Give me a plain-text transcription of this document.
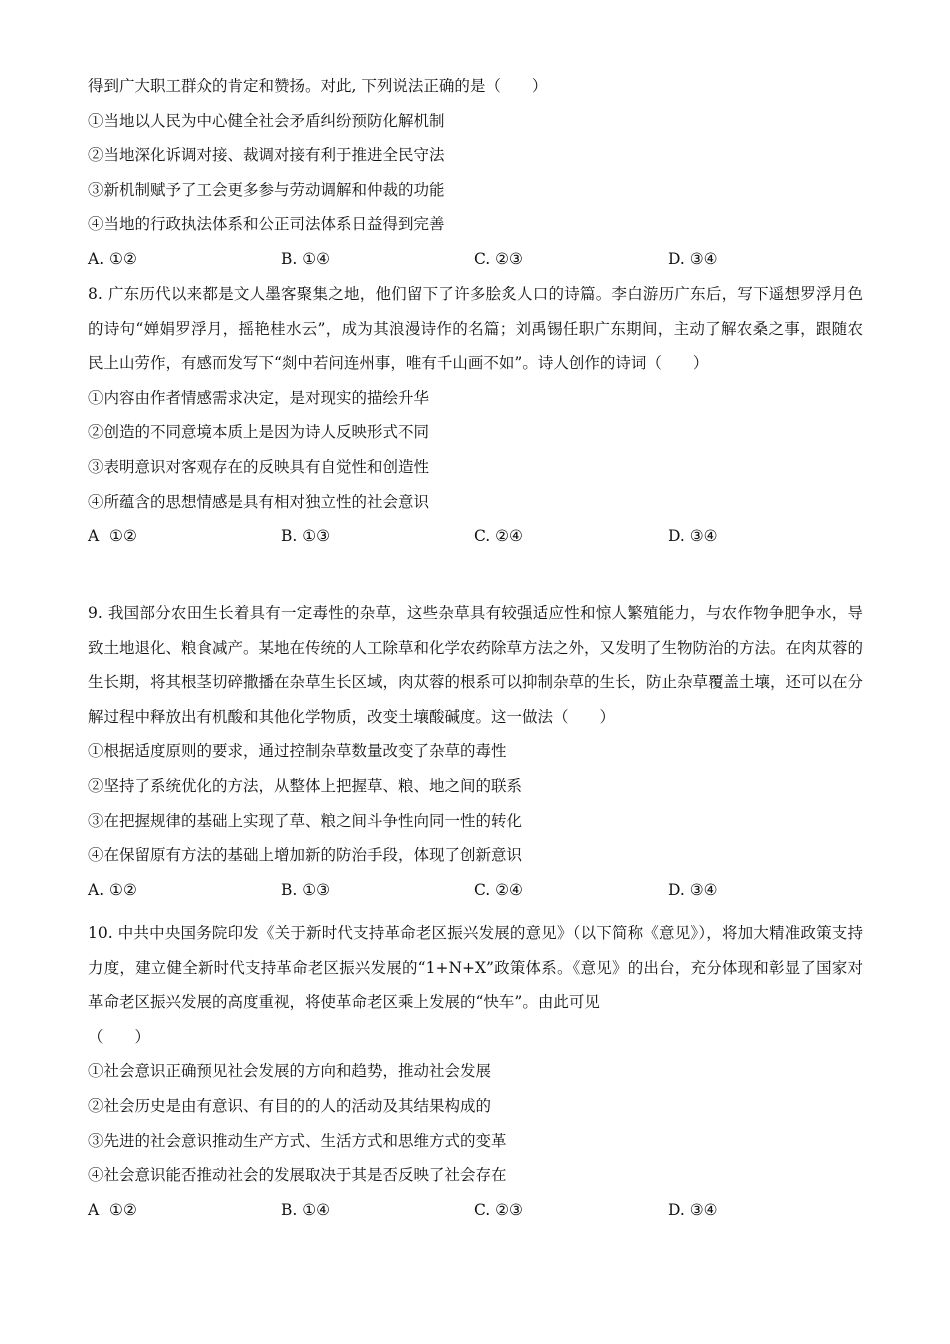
得到广大职工群众的肯定和赞扬。对此, 下列说法正确的是（　　）
①当地以人民为中心健全社会矛盾纠纷预防化解机制
②当地深化诉调对接、裁调对接有利于推进全民守法
③新机制赋予了工会更多参与劳动调解和仲裁的功能
④当地的行政执法体系和公正司法体系日益得到完善
A. ①②	B. ①④	C. ②③	D. ③④
8. 广东历代以来都是文人墨客聚集之地，他们留下了许多脍炙人口的诗篇。李白游历广东后，写下遥想罗浮月色的诗句“婵娟罗浮月，摇艳桂水云”，成为其浪漫诗作的名篇；刘禹锡任职广东期间，主动了解农桑之事，跟随农民上山劳作，有感而发写下“剡中若问连州事，唯有千山画不如”。诗人创作的诗词（　　）
①内容由作者情感需求决定，是对现实的描绘升华
②创造的不同意境本质上是因为诗人反映形式不同
③表明意识对客观存在的反映具有自觉性和创造性
④所蕴含的思想情感是具有相对独立性的社会意识
A  ①②	B. ①③	C. ②④	D. ③④
9. 我国部分农田生长着具有一定毒性的杂草，这些杂草具有较强适应性和惊人繁殖能力，与农作物争肥争水，导致土地退化、粮食减产。某地在传统的人工除草和化学农药除草方法之外，又发明了生物防治的方法。在肉苁蓉的生长期，将其根茎切碎撒播在杂草生长区域，肉苁蓉的根系可以抑制杂草的生长，防止杂草覆盖土壤，还可以在分解过程中释放出有机酸和其他化学物质，改变土壤酸碱度。这一做法（　　）
①根据适度原则的要求，通过控制杂草数量改变了杂草的毒性
②坚持了系统优化的方法，从整体上把握草、粮、地之间的联系
③在把握规律的基础上实现了草、粮之间斗争性向同一性的转化
④在保留原有方法的基础上增加新的防治手段，体现了创新意识
A. ①②	B. ①③	C. ②④	D. ③④
10. 中共中央国务院印发《关于新时代支持革命老区振兴发展的意见》（以下简称《意见》），将加大精准政策支持力度，建立健全新时代支持革命老区振兴发展的“1+N+X”政策体系。《意见》的出台，充分体现和彰显了国家对革命老区振兴发展的高度重视，将使革命老区乘上发展的“快车”。由此可见
（　　）
①社会意识正确预见社会发展的方向和趋势，推动社会发展
②社会历史是由有意识、有目的的人的活动及其结果构成的
③先进的社会意识推动生产方式、生活方式和思维方式的变革
④社会意识能否推动社会的发展取决于其是否反映了社会存在
A  ①②	B. ①④	C. ②③	D. ③④
